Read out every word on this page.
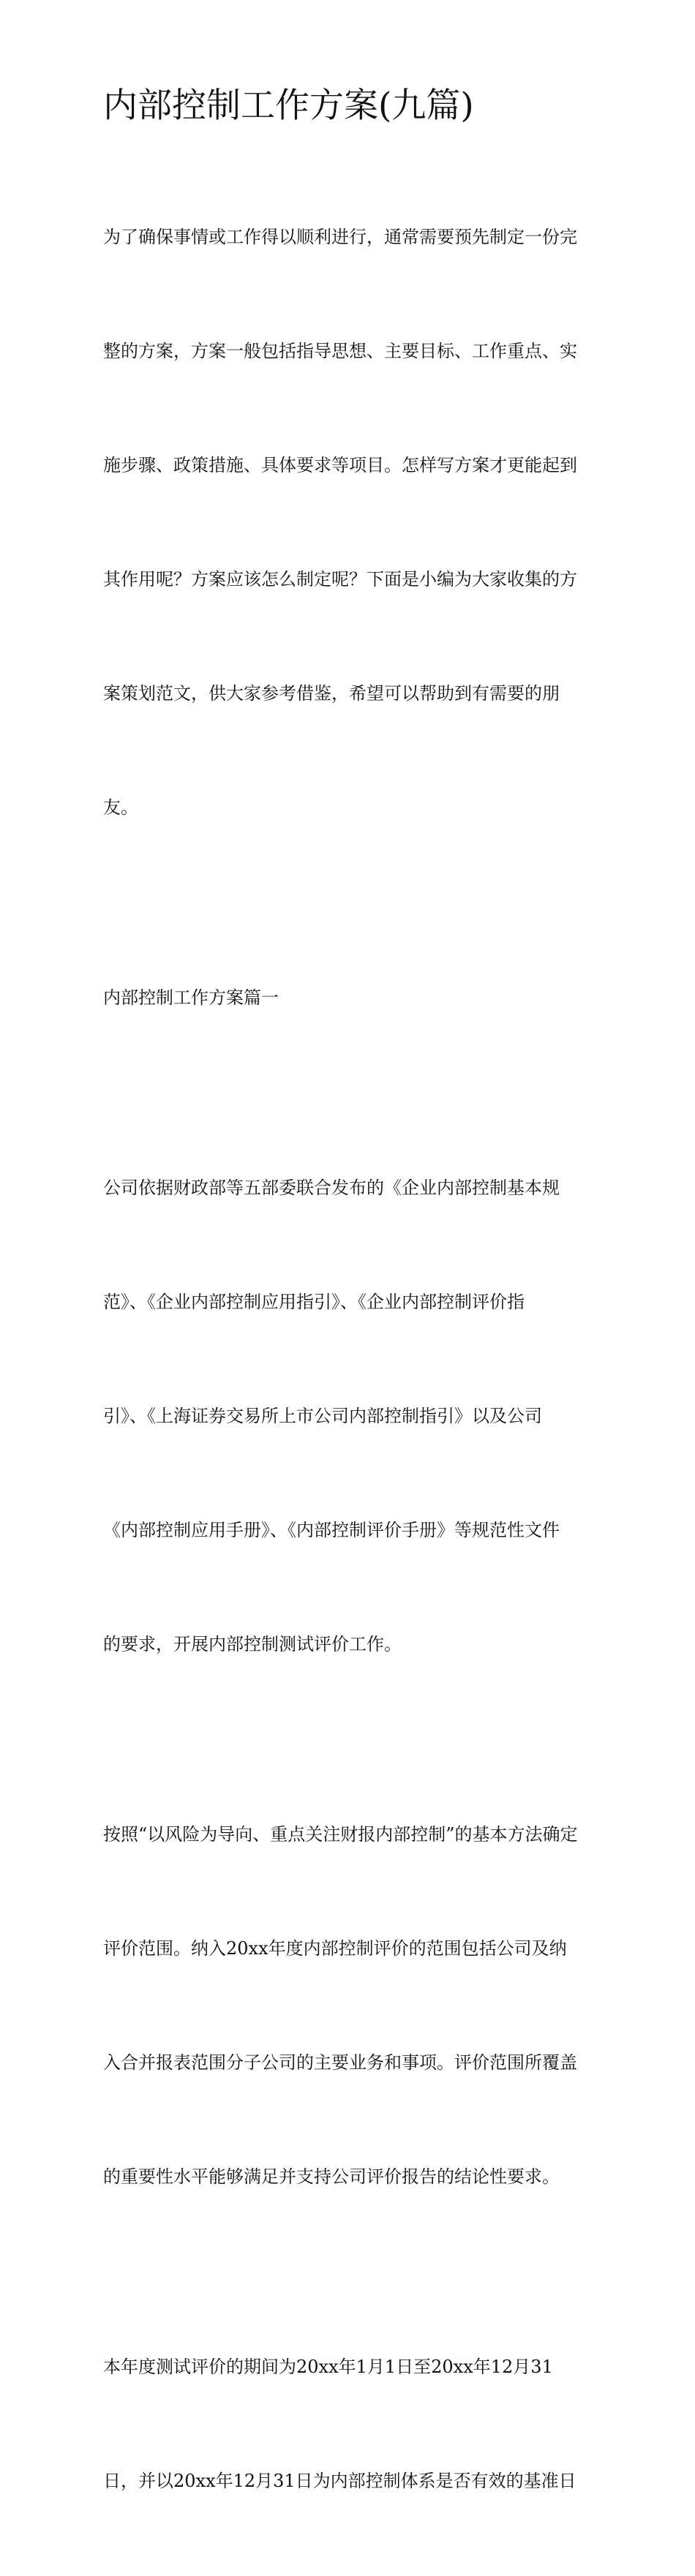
内部控制工作方案(九篇)

为了确保事情或工作得以顺利进行，通常需要预先制定一份完

整的方案，方案一般包括指导思想、主要目标、工作重点、实

施步骤、政策措施、具体要求等项目。怎样写方案才更能起到

其作用呢？方案应该怎么制定呢？下面是小编为大家收集的方

案策划范文，供大家参考借鉴，希望可以帮助到有需要的朋

友。

内部控制工作方案篇一

公司依据财政部等五部委联合发布的《企业内部控制基本规

范》、《企业内部控制应用指引》、《企业内部控制评价指

引》、《上海证券交易所上市公司内部控制指引》以及公司

《内部控制应用手册》、《内部控制评价手册》等规范性文件

的要求，开展内部控制测试评价工作。

按照“以风险为导向、重点关注财报内部控制”的基本方法确定

评价范围。纳入20xx年度内部控制评价的范围包括公司及纳

入合并报表范围分子公司的主要业务和事项。评价范围所覆盖

的重要性水平能够满足并支持公司评价报告的结论性要求。

本年度测试评价的期间为20xx年1月1日至20xx年12月31

日，并以20xx年12月31日为内部控制体系是否有效的基准日
